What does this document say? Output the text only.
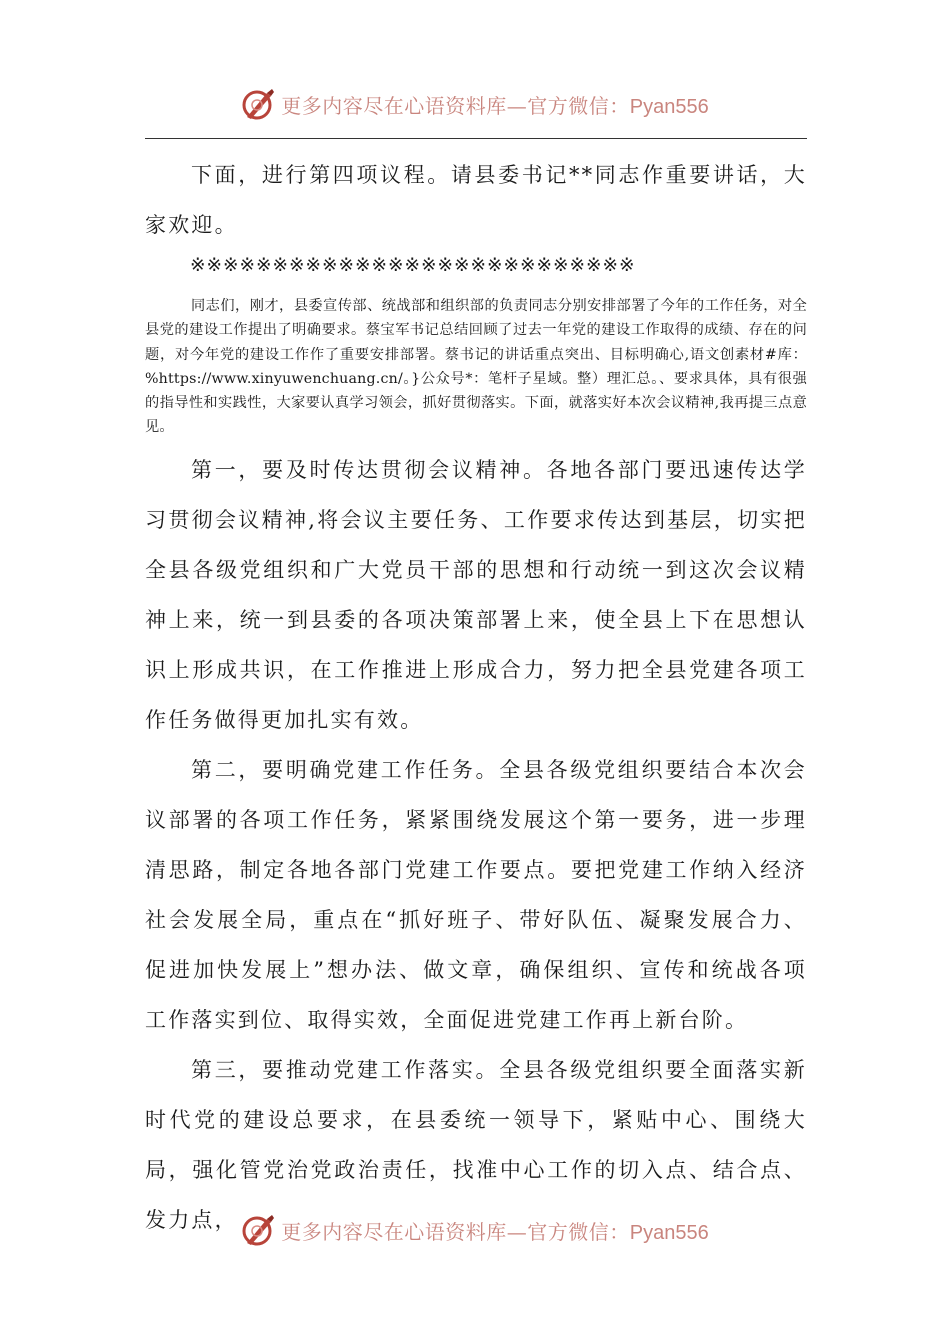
更多内容尽在心语资料库—官方微信：Pyan556

下面，进行第四项议程。请县委书记**同志作重要讲话，大家欢迎。

※※※※※※※※※※※※※※※※※※※※※※※※※※※

同志们，刚才，县委宣传部、统战部和组织部的负责同志分别安排部署了今年的工作任务，对全县党的建设工作提出了明确要求。蔡宝军书记总结回顾了过去一年党的建设工作取得的成绩、存在的问题，对今年党的建设工作作了重要安排部署。蔡书记的讲话重点突出、目标明确心,语文创素材#库：%https://www.xinyuwenchuang.cn/。}公众号*：笔杆子星域。整）理汇总。、要求具体，具有很强的指导性和实践性，大家要认真学习领会，抓好贯彻落实。下面，就落实好本次会议精神,我再提三点意见。

第一，要及时传达贯彻会议精神。各地各部门要迅速传达学习贯彻会议精神,将会议主要任务、工作要求传达到基层，切实把全县各级党组织和广大党员干部的思想和行动统一到这次会议精神上来，统一到县委的各项决策部署上来，使全县上下在思想认识上形成共识，在工作推进上形成合力，努力把全县党建各项工作任务做得更加扎实有效。

第二，要明确党建工作任务。全县各级党组织要结合本次会议部署的各项工作任务，紧紧围绕发展这个第一要务，进一步理清思路，制定各地各部门党建工作要点。要把党建工作纳入经济社会发展全局，重点在“抓好班子、带好队伍、凝聚发展合力、促进加快发展上”想办法、做文章，确保组织、宣传和统战各项工作落实到位、取得实效，全面促进党建工作再上新台阶。

第三，要推动党建工作落实。全县各级党组织要全面落实新时代党的建设总要求，在县委统一领导下，紧贴中心、围绕大局，强化管党治党政治责任，找准中心工作的切入点、结合点、发力点，	更多内容尽在心语资料库—官方微信：Pyan556
